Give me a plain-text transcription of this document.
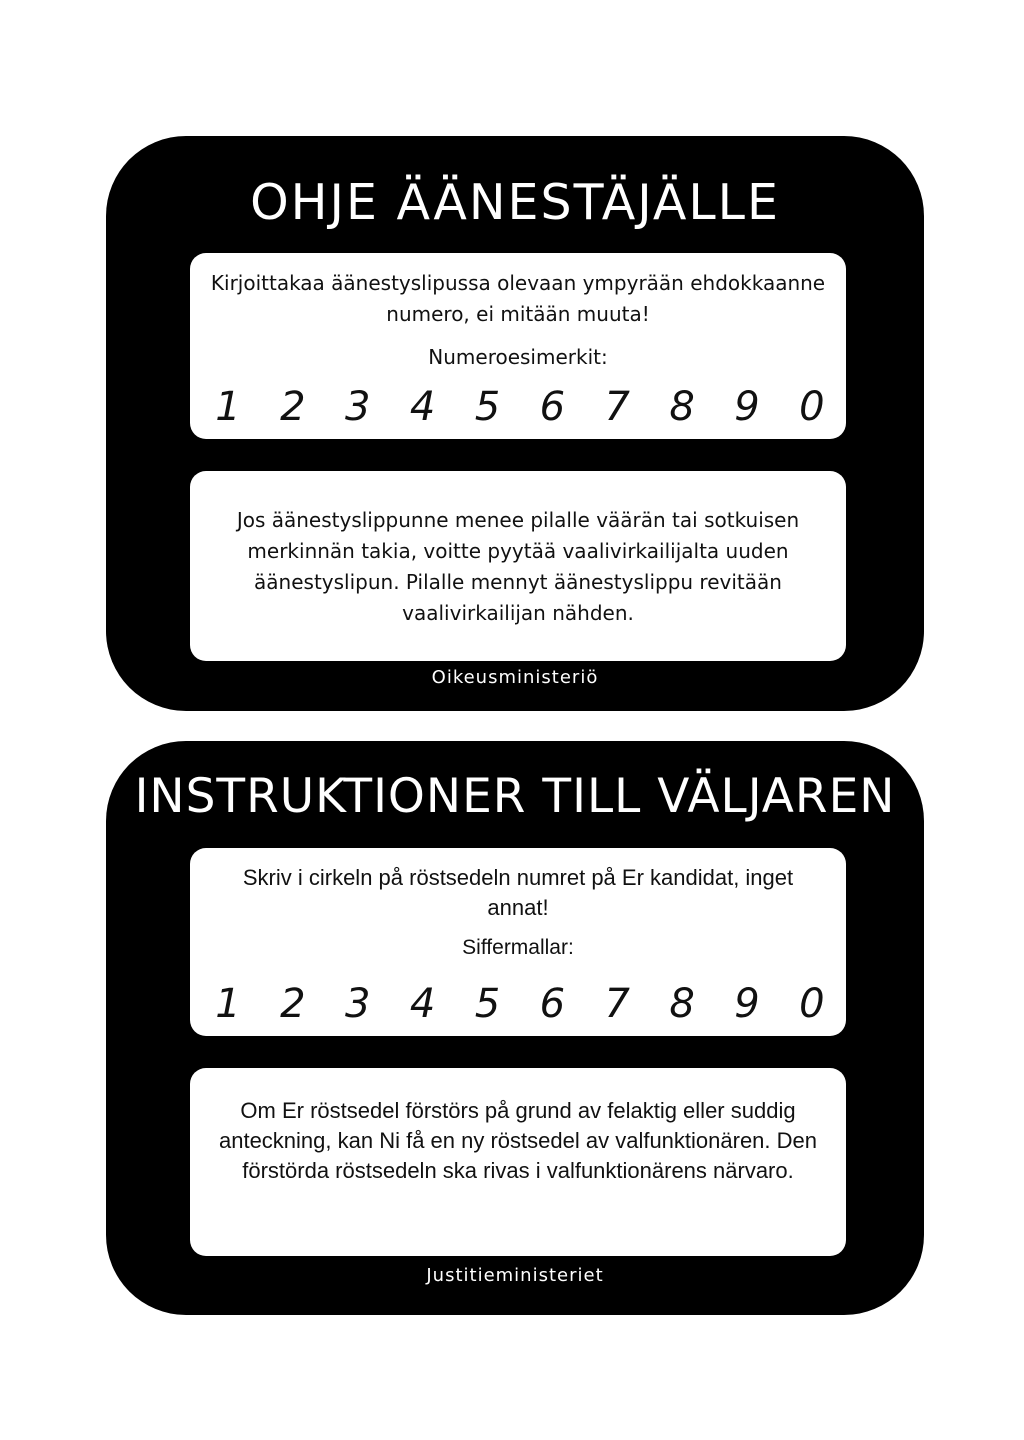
OHJE ÄÄNESTÄJÄLLE
Kirjoittakaa äänestyslipussa olevaan ympyrään ehdokkaanne numero, ei mitään muuta!
Numeroesimerkit:
1 2 3 4 5 6 7 8 9 0
Jos äänestyslippunne menee pilalle väärän tai sotkuisen merkinnän takia, voitte pyytää vaalivirkailijalta uuden äänestyslipun. Pilalle mennyt äänestyslippu revitään vaalivirkailijan nähden.
Oikeusministeriö
INSTRUKTIONER TILL VÄLJAREN
Skriv i cirkeln på röstsedeln numret på Er kandidat, inget annat!
Siffermallar:
1 2 3 4 5 6 7 8 9 0
Om Er röstsedel förstörs på grund av felaktig eller suddig anteckning, kan Ni få en ny röstsedel av valfunktionären. Den förstörda röstsedeln ska rivas i valfunktionärens närvaro.
Justitieministeriet
